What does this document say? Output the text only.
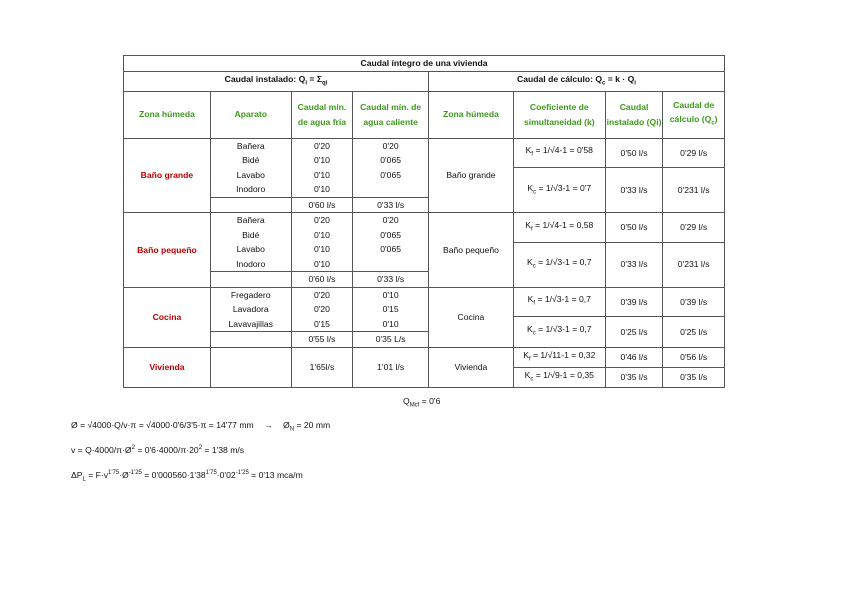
Caudal íntegro de una vivienda							
Caudal instalado: $Q_i = \Sigma_{qi}$				Caudal de cálculo: $Q_c = k \cdot Q_i$
Zona húmeda	Aparato	Caudal mín. de agua fría	Caudal mín. de agua caliente	Zona húmeda	Coeficiente de simultaneidad (k)	Caudal instalado (Qi)	Caudal de cálculo $(Q_c)$
Baño grande	Bañera	0'20	0'20	Baño grande	$K_f = 1/√4-1 = 0'58$	0'50 l/s	0'29 l/s
	Bidé	0'10	0'065				
	Lavabo	0'10	0'065		$K_c = 1/√3-1 = 0'7$	0'33 l/s	0'231 l/s
	Inodoro	0'10					
		0'60 l/s	0'33 l/s				
Baño pequeño	Bañera	0'20	0'20	Baño pequeño	$K_f = 1/√4-1 = 0,58$	0'50 l/s	0'29 l/s
	Bidé	0'10	0'065				
	Lavabo	0'10	0'065		$K_c = 1/√3-1 = 0,7$	0'33 l/s	0'231 l/s
	Inodoro	0'10					
		0'60 l/s	0'33 l/s				
Cocina	Fregadero	0'20	0'10	Cocina	$K_f = 1/√3-1 = 0,7$	0'39 l/s	0'39 l/s
	Lavadora	0'20	0'15				
	Lavavajillas	0'15	0'10		$K_c = 1/√3-1 = 0,7$	0'25 l/s	0'25 l/s
		0'55 l/s	0'35 L/s				
Vivienda		1'65l/s	1'01 l/s	Vivienda	$K_f = 1/√11-1 = 0,32$	0'46 l/s	0'56 l/s
					$K_c = 1/√9-1 = 0,35$	0'35 l/s	0'35 l/s
$Q_{Mcf} = 0'6$
Ø = √4000·Q/v·π = √4000·0'6/3'5·π = 14'77 mm → $Ø_N = 20$ mm
$v = Q\cdot 4000/\pi\cdot Ø^2 = 0'6\cdot 4000/\pi\cdot 20^2 = 1'38$ m/s
$\Delta P_L$ = $F\cdot v^{1'75}\cdot Ø^{-1'25} = 0'000560\cdot 1'38^{1'75}\cdot 0'02^{-1'25} = 0'13$ mca/m
